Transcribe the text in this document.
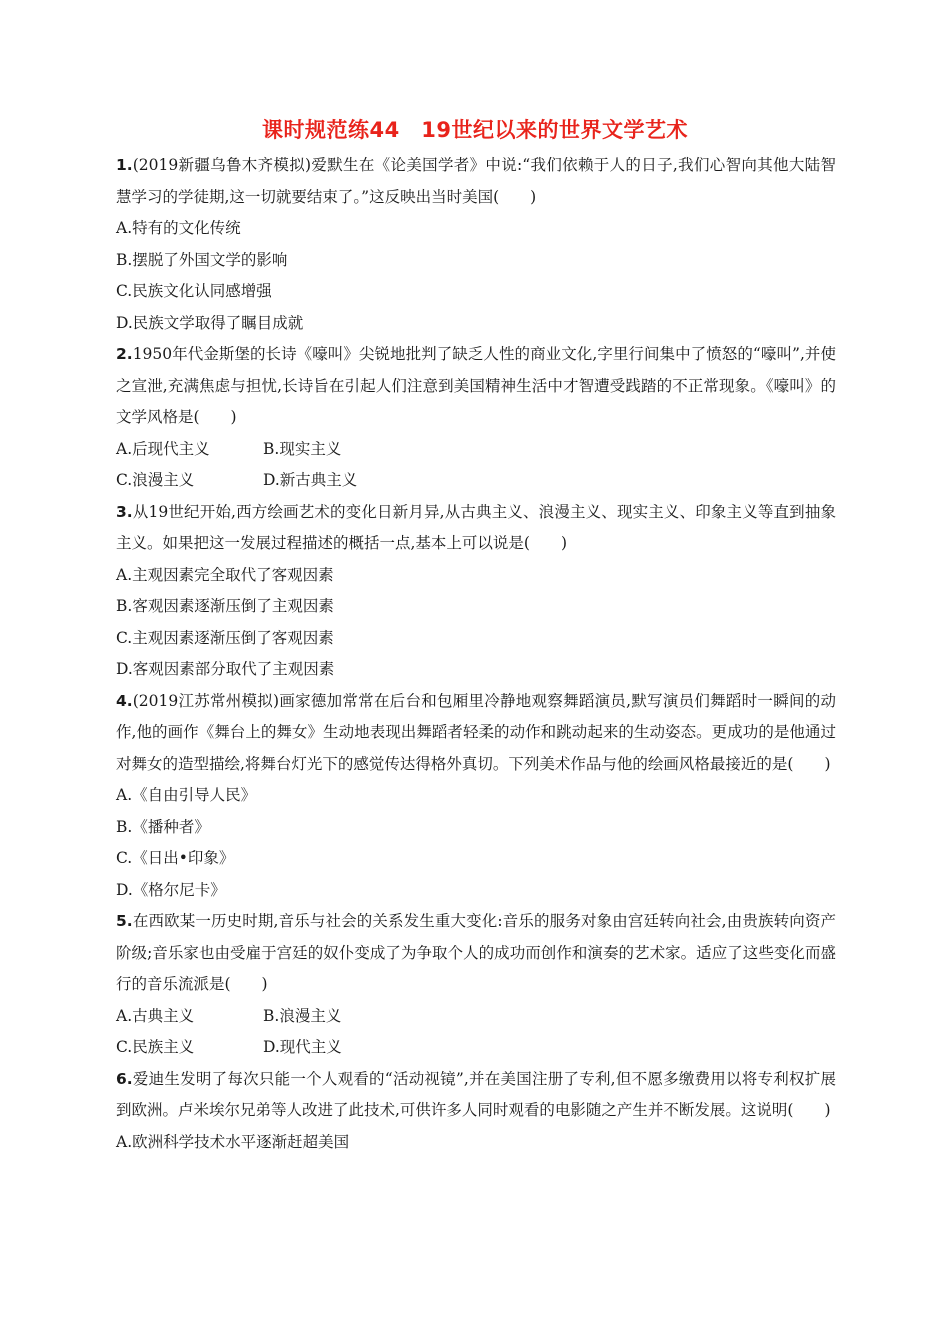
课时规范练44　19世纪以来的世界文学艺术

1.(2019新疆乌鲁木齐模拟)爱默生在《论美国学者》中说:“我们依赖于人的日子,我们心智向其他大陆智慧学习的学徒期,这一切就要结束了。”这反映出当时美国(　　)

A.特有的文化传统

B.摆脱了外国文学的影响

C.民族文化认同感增强

D.民族文学取得了瞩目成就

2.1950年代金斯堡的长诗《嚎叫》尖锐地批判了缺乏人性的商业文化,字里行间集中了愤怒的“嚎叫”,并使之宣泄,充满焦虑与担忧,长诗旨在引起人们注意到美国精神生活中才智遭受践踏的不正常现象。《嚎叫》的文学风格是(　　)

A.后现代主义	B.现实主义
C.浪漫主义	D.新古典主义

3.从19世纪开始,西方绘画艺术的变化日新月异,从古典主义、浪漫主义、现实主义、印象主义等直到抽象主义。如果把这一发展过程描述的概括一点,基本上可以说是(　　)

A.主观因素完全取代了客观因素

B.客观因素逐渐压倒了主观因素

C.主观因素逐渐压倒了客观因素

D.客观因素部分取代了主观因素

4.(2019江苏常州模拟)画家德加常常在后台和包厢里冷静地观察舞蹈演员,默写演员们舞蹈时一瞬间的动作,他的画作《舞台上的舞女》生动地表现出舞蹈者轻柔的动作和跳动起来的生动姿态。更成功的是他通过对舞女的造型描绘,将舞台灯光下的感觉传达得格外真切。下列美术作品与他的绘画风格最接近的是(　　)

A.《自由引导人民》

B.《播种者》

C.《日出•印象》

D.《格尔尼卡》

5.在西欧某一历史时期,音乐与社会的关系发生重大变化:音乐的服务对象由宫廷转向社会,由贵族转向资产阶级;音乐家也由受雇于宫廷的奴仆变成了为争取个人的成功而创作和演奏的艺术家。适应了这些变化而盛行的音乐流派是(　　)

A.古典主义	B.浪漫主义
C.民族主义	D.现代主义

6.爱迪生发明了每次只能一个人观看的“活动视镜”,并在美国注册了专利,但不愿多缴费用以将专利权扩展到欧洲。卢米埃尔兄弟等人改进了此技术,可供许多人同时观看的电影随之产生并不断发展。这说明(　　)

A.欧洲科学技术水平逐渐赶超美国
